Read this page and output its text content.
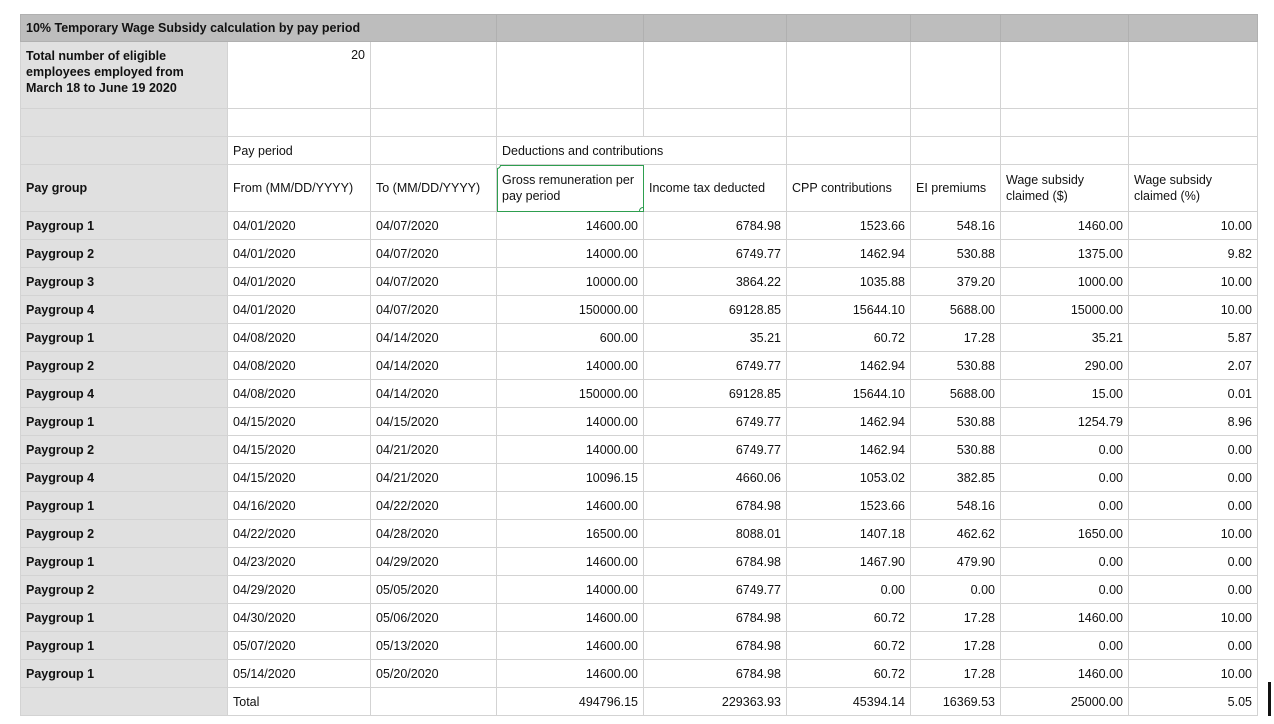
10% Temporary Wage Subsidy calculation by pay period								
Total number of eligible employees employed from March 18 to June 19 2020	20							

	Pay period		Deductions and contributions					
Pay group	From (MM/DD/YYYY)	To (MM/DD/YYYY)	Gross remuneration per pay period	Income tax deducted	CPP contributions	EI premiums	Wage subsidy claimed ($)	Wage subsidy claimed (%)
Paygroup 1	04/01/2020	04/07/2020	14600.00	6784.98	1523.66	548.16	1460.00	10.00
Paygroup 2	04/01/2020	04/07/2020	14000.00	6749.77	1462.94	530.88	1375.00	9.82
Paygroup 3	04/01/2020	04/07/2020	10000.00	3864.22	1035.88	379.20	1000.00	10.00
Paygroup 4	04/01/2020	04/07/2020	150000.00	69128.85	15644.10	5688.00	15000.00	10.00
Paygroup 1	04/08/2020	04/14/2020	600.00	35.21	60.72	17.28	35.21	5.87
Paygroup 2	04/08/2020	04/14/2020	14000.00	6749.77	1462.94	530.88	290.00	2.07
Paygroup 4	04/08/2020	04/14/2020	150000.00	69128.85	15644.10	5688.00	15.00	0.01
Paygroup 1	04/15/2020	04/15/2020	14000.00	6749.77	1462.94	530.88	1254.79	8.96
Paygroup 2	04/15/2020	04/21/2020	14000.00	6749.77	1462.94	530.88	0.00	0.00
Paygroup 4	04/15/2020	04/21/2020	10096.15	4660.06	1053.02	382.85	0.00	0.00
Paygroup 1	04/16/2020	04/22/2020	14600.00	6784.98	1523.66	548.16	0.00	0.00
Paygroup 2	04/22/2020	04/28/2020	16500.00	8088.01	1407.18	462.62	1650.00	10.00
Paygroup 1	04/23/2020	04/29/2020	14600.00	6784.98	1467.90	479.90	0.00	0.00
Paygroup 2	04/29/2020	05/05/2020	14000.00	6749.77	0.00	0.00	0.00	0.00
Paygroup 1	04/30/2020	05/06/2020	14600.00	6784.98	60.72	17.28	1460.00	10.00
Paygroup 1	05/07/2020	05/13/2020	14600.00	6784.98	60.72	17.28	0.00	0.00
Paygroup 1	05/14/2020	05/20/2020	14600.00	6784.98	60.72	17.28	1460.00	10.00
	Total		494796.15	229363.93	45394.14	16369.53	25000.00	5.05
